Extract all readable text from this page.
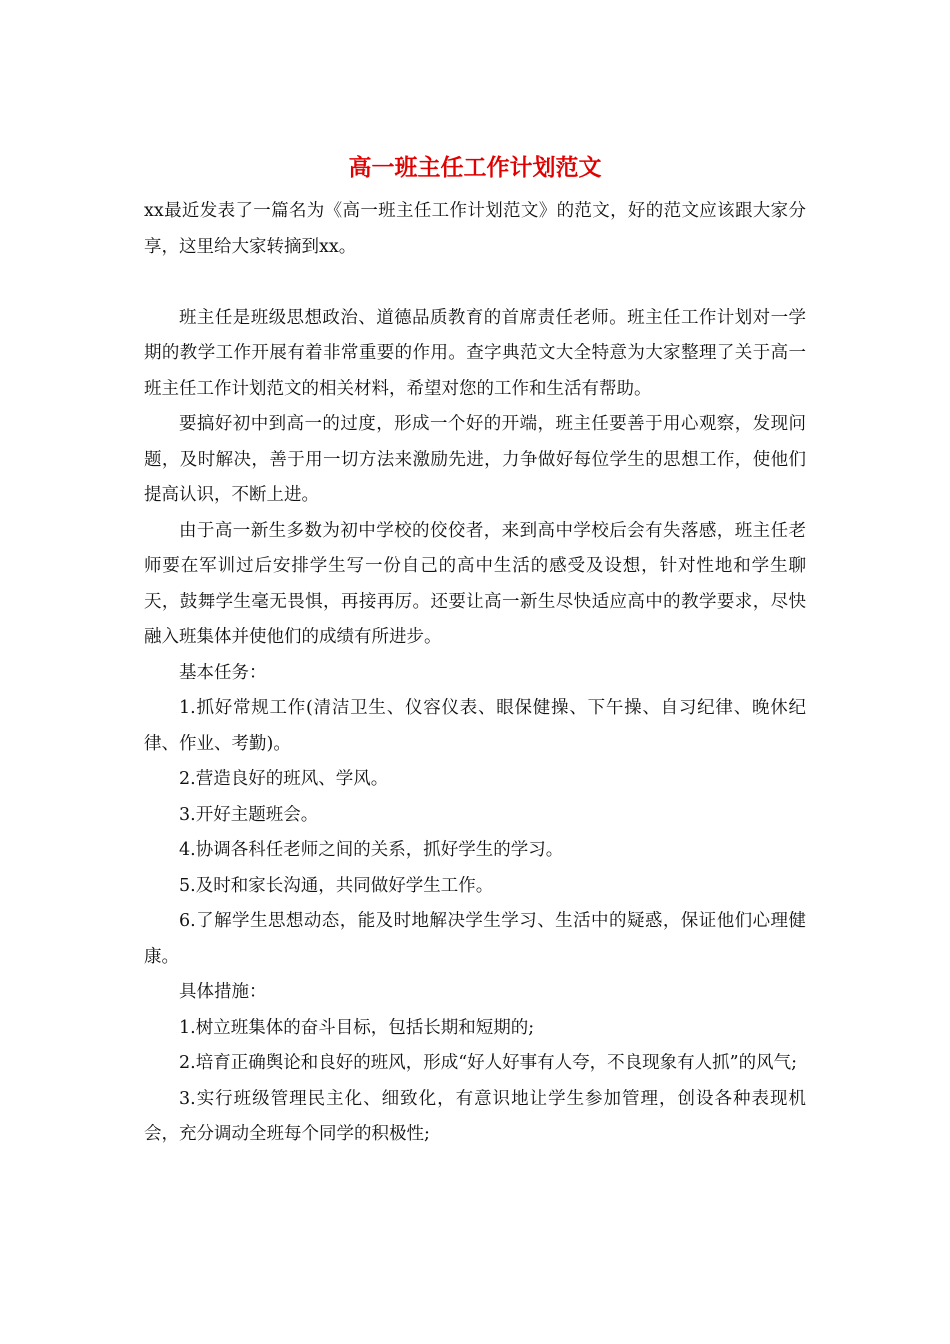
高一班主任工作计划范文

xx最近发表了一篇名为《高一班主任工作计划范文》的范文，好的范文应该跟大家分享，这里给大家转摘到xx。

班主任是班级思想政治、道德品质教育的首席责任老师。班主任工作计划对一学期的教学工作开展有着非常重要的作用。查字典范文大全特意为大家整理了关于高一班主任工作计划范文的相关材料，希望对您的工作和生活有帮助。

要搞好初中到高一的过度，形成一个好的开端，班主任要善于用心观察，发现问题，及时解决，善于用一切方法来激励先进，力争做好每位学生的思想工作，使他们提高认识，不断上进。

由于高一新生多数为初中学校的佼佼者，来到高中学校后会有失落感，班主任老师要在军训过后安排学生写一份自己的高中生活的感受及设想，针对性地和学生聊天，鼓舞学生毫无畏惧，再接再厉。还要让高一新生尽快适应高中的教学要求，尽快融入班集体并使他们的成绩有所进步。

基本任务：

1.抓好常规工作(清洁卫生、仪容仪表、眼保健操、下午操、自习纪律、晚休纪律、作业、考勤)。

2.营造良好的班风、学风。

3.开好主题班会。

4.协调各科任老师之间的关系，抓好学生的学习。

5.及时和家长沟通，共同做好学生工作。

6.了解学生思想动态，能及时地解决学生学习、生活中的疑惑，保证他们心理健康。

具体措施：

1.树立班集体的奋斗目标，包括长期和短期的;

2.培育正确舆论和良好的班风，形成“好人好事有人夸，不良现象有人抓”的风气;

3.实行班级管理民主化、细致化，有意识地让学生参加管理，创设各种表现机会，充分调动全班每个同学的积极性;
